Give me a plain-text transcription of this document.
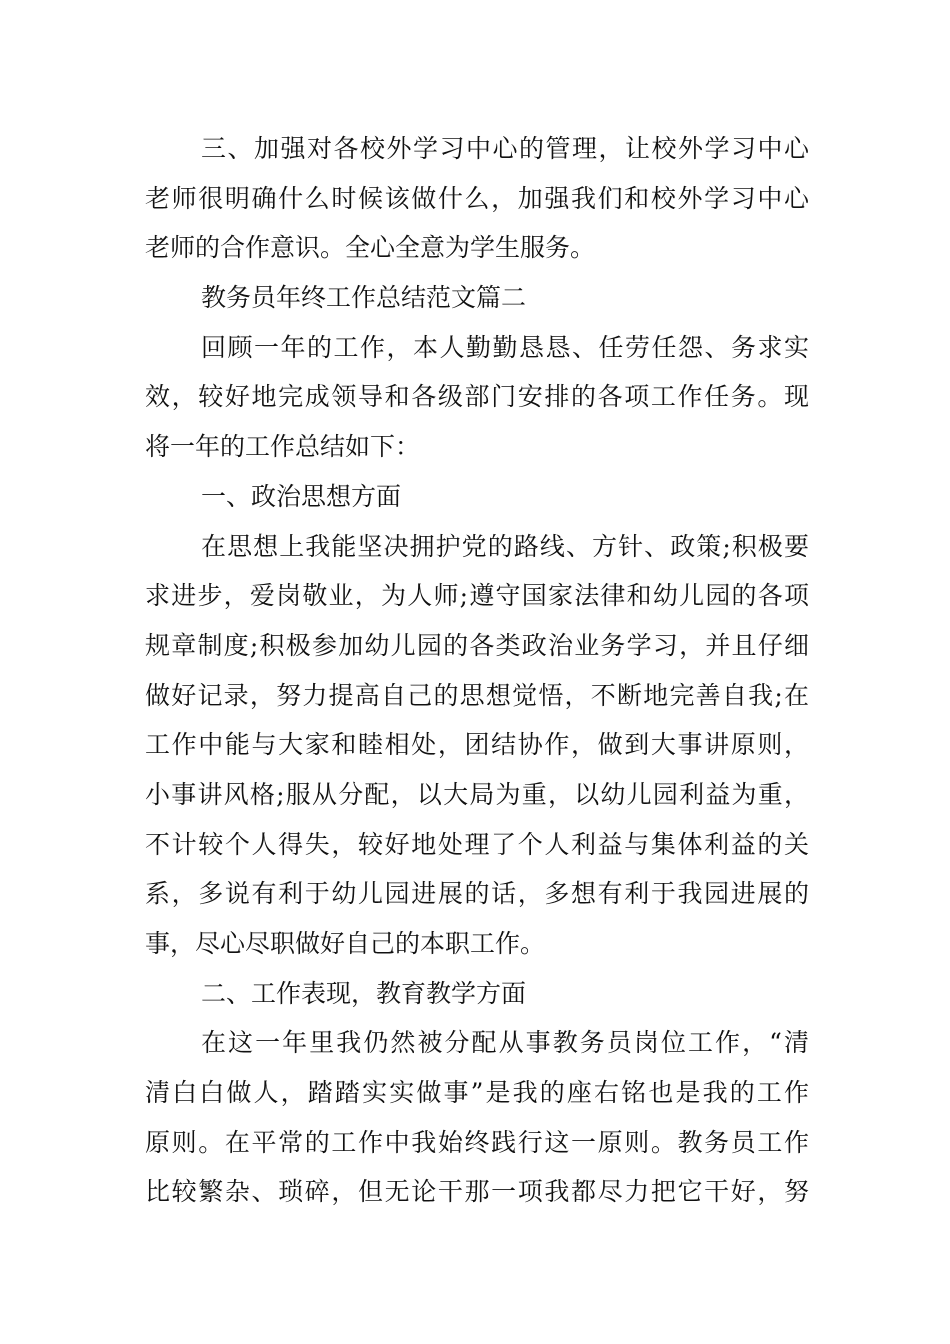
三、加强对各校外学习中心的管理，让校外学习中心
老师很明确什么时候该做什么，加强我们和校外学习中心
老师的合作意识。全心全意为学生服务。
教务员年终工作总结范文篇二
回顾一年的工作，本人勤勤恳恳、任劳任怨、务求实
效，较好地完成领导和各级部门安排的各项工作任务。现
将一年的工作总结如下：
一、政治思想方面
在思想上我能坚决拥护党的路线、方针、政策;积极要
求进步，爱岗敬业，为人师;遵守国家法律和幼儿园的各项
规章制度;积极参加幼儿园的各类政治业务学习，并且仔细
做好记录，努力提高自己的思想觉悟，不断地完善自我;在
工作中能与大家和睦相处，团结协作，做到大事讲原则，
小事讲风格;服从分配，以大局为重，以幼儿园利益为重，
不计较个人得失，较好地处理了个人利益与集体利益的关
系，多说有利于幼儿园进展的话，多想有利于我园进展的
事，尽心尽职做好自己的本职工作。
二、工作表现，教育教学方面
在这一年里我仍然被分配从事教务员岗位工作，“清
清白白做人，踏踏实实做事”是我的座右铭也是我的工作
原则。在平常的工作中我始终践行这一原则。教务员工作
比较繁杂、琐碎，但无论干那一项我都尽力把它干好，努
